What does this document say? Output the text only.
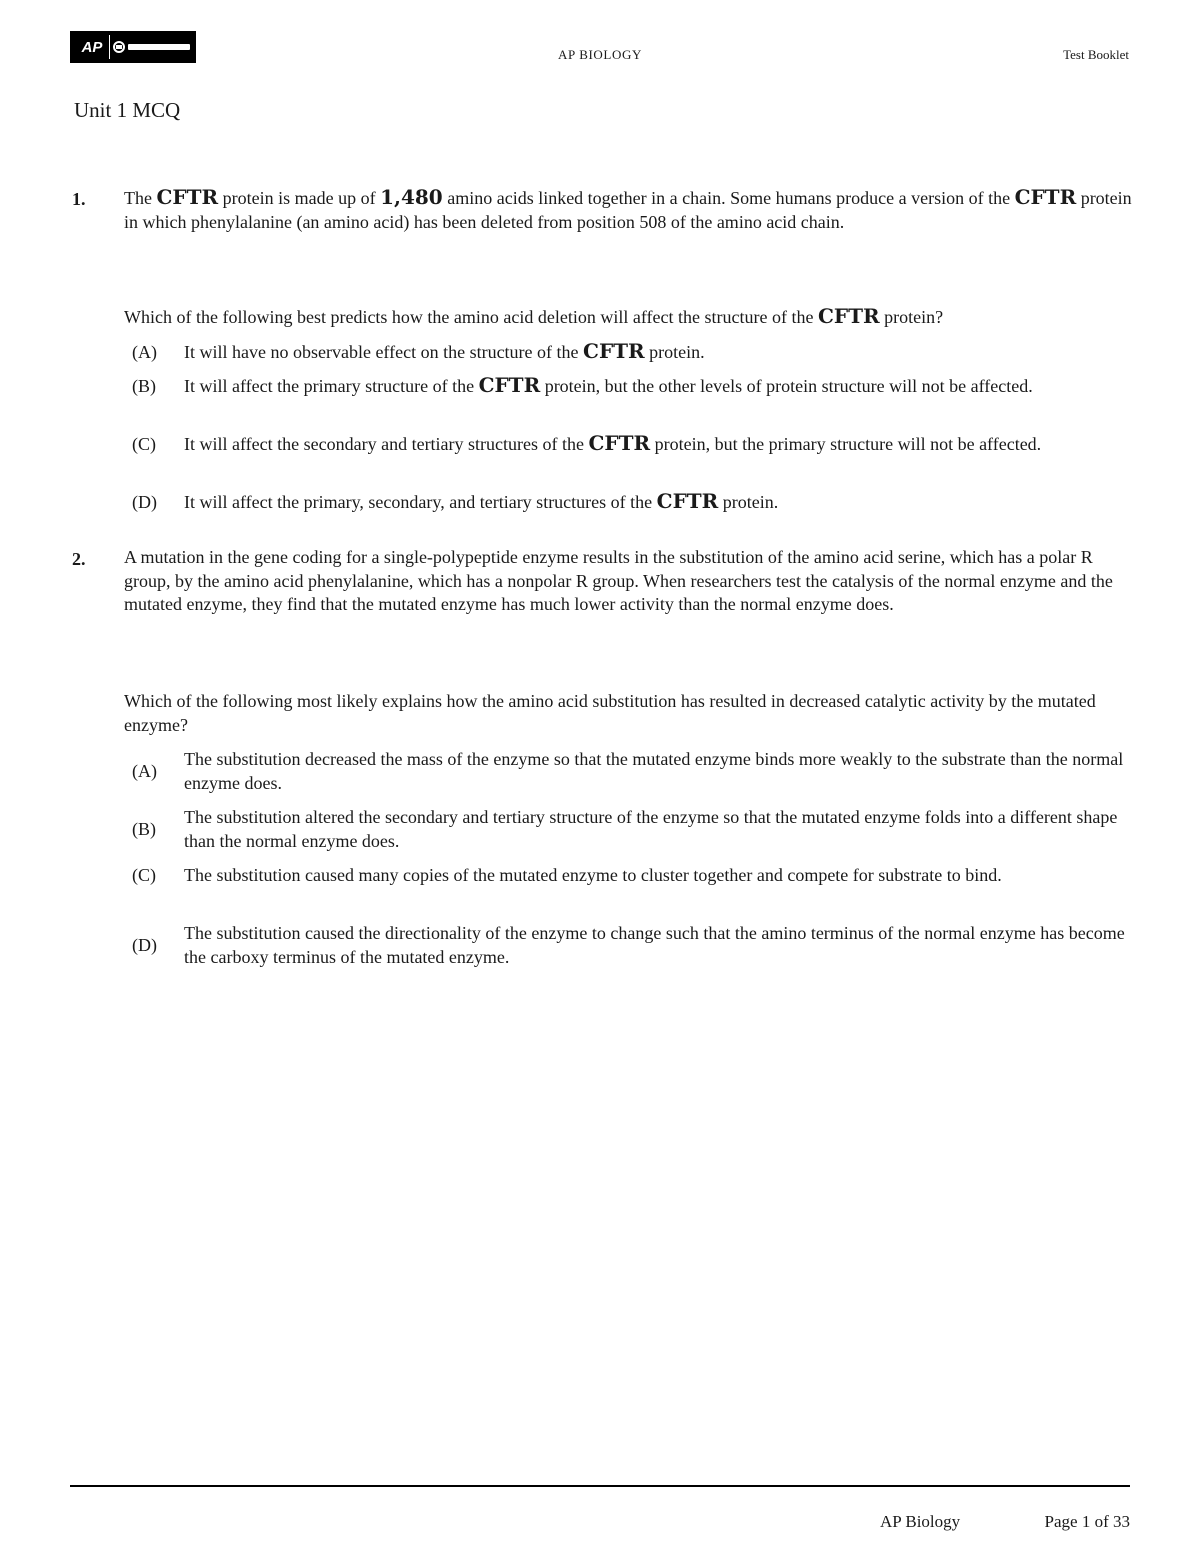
AP	AP BIOLOGY	Test Booklet
Unit 1 MCQ
1. The CFTR protein is made up of 1,480 amino acids linked together in a chain. Some humans produce a version of the CFTR protein in which phenylalanine (an amino acid) has been deleted from position 508 of the amino acid chain.
Which of the following best predicts how the amino acid deletion will affect the structure of the CFTR protein?
(A)	It will have no observable effect on the structure of the CFTR protein.
(B)	It will affect the primary structure of the CFTR protein, but the other levels of protein structure will not be affected.
(C)	It will affect the secondary and tertiary structures of the CFTR protein, but the primary structure will not be affected.
(D)	It will affect the primary, secondary, and tertiary structures of the CFTR protein.
2. A mutation in the gene coding for a single-polypeptide enzyme results in the substitution of the amino acid serine, which has a polar R group, by the amino acid phenylalanine, which has a nonpolar R group. When researchers test the catalysis of the normal enzyme and the mutated enzyme, they find that the mutated enzyme has much lower activity than the normal enzyme does.
Which of the following most likely explains how the amino acid substitution has resulted in decreased catalytic activity by the mutated enzyme?
(A)
The substitution decreased the mass of the enzyme so that the mutated enzyme binds more weakly to the substrate than the normal enzyme does.
(B)
The substitution altered the secondary and tertiary structure of the enzyme so that the mutated enzyme folds into a different shape than the normal enzyme does.
(C)	The substitution caused many copies of the mutated enzyme to cluster together and compete for substrate to bind.
(D)
The substitution caused the directionality of the enzyme to change such that the amino terminus of the normal enzyme has become the carboxy terminus of the mutated enzyme.
AP Biology	Page 1 of 33
